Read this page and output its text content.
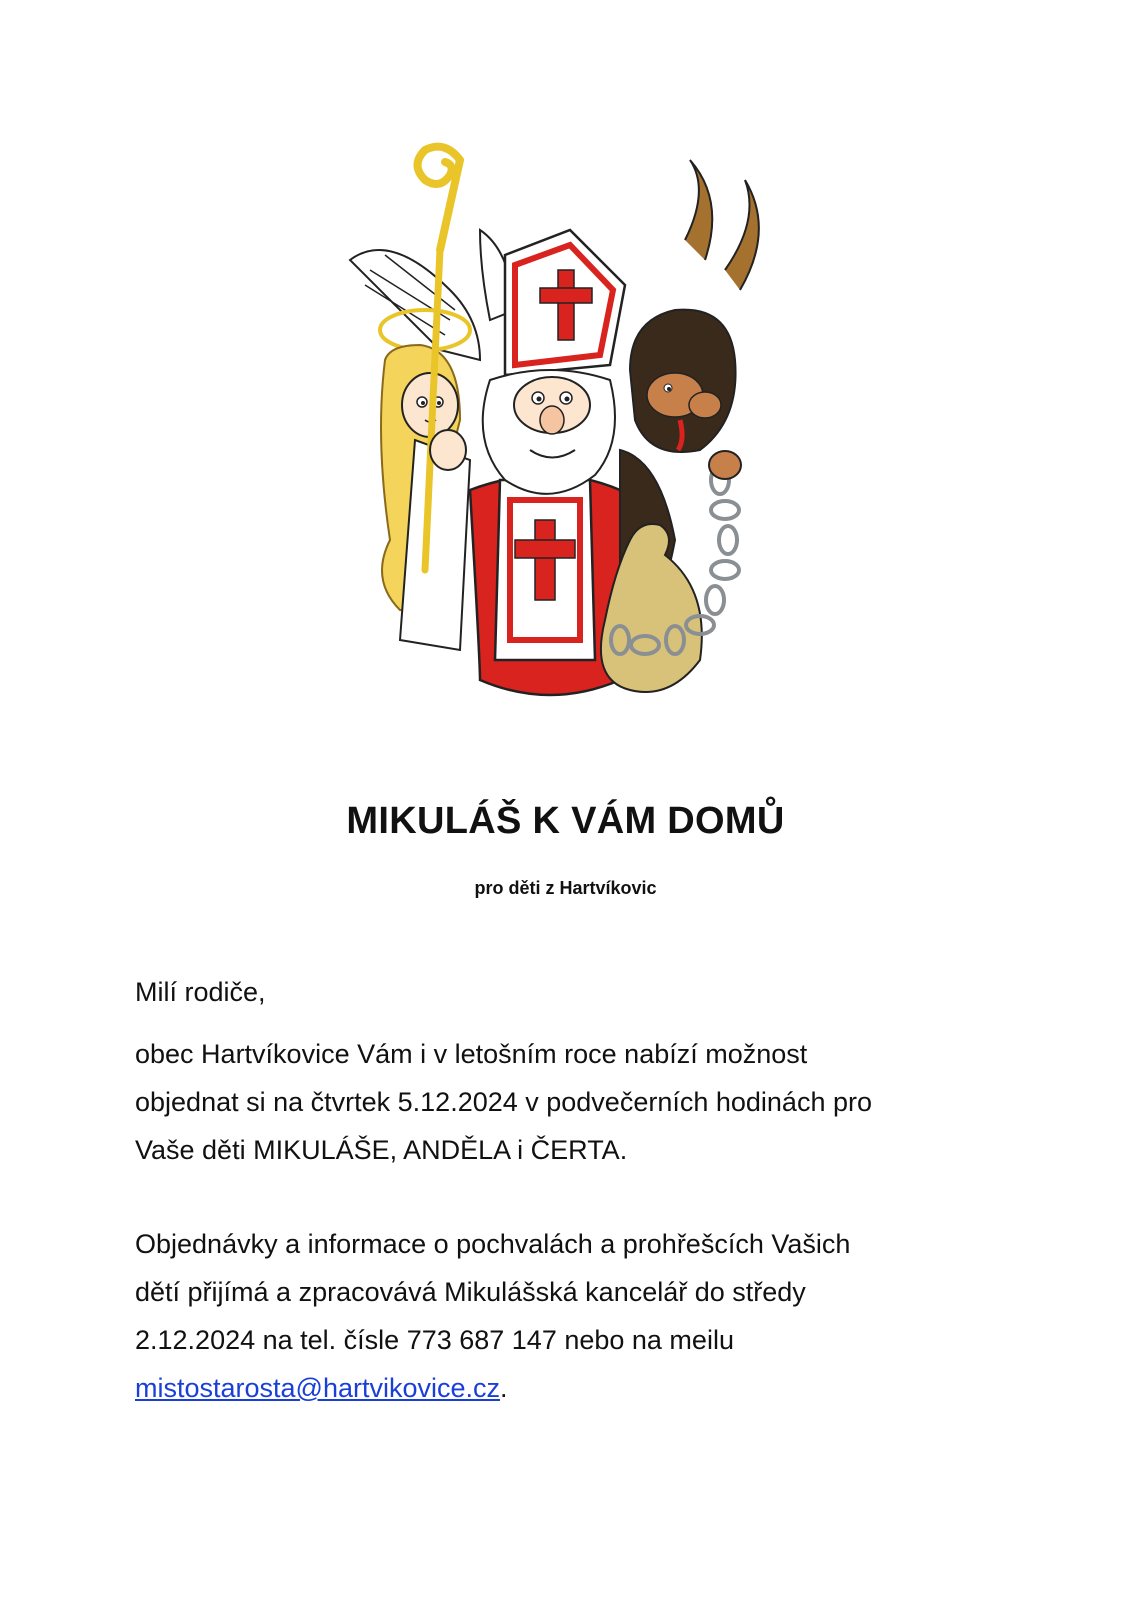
MIKULÁŠ K VÁM DOMŮ

pro děti z Hartvíkovic

Milí rodiče,

obec Hartvíkovice Vám i v letošním roce nabízí možnost
objednat si na čtvrtek 5.12.2024 v podvečerních hodinách pro
Vaše děti MIKULÁŠE, ANDĚLA i ČERTA.

Objednávky a informace o pochvalách a prohřešcích Vašich
dětí přijímá a zpracovává Mikulášská kancelář do středy
2.12.2024 na tel. čísle 773 687 147 nebo na meilu
mistostarosta@hartvikovice.cz.
